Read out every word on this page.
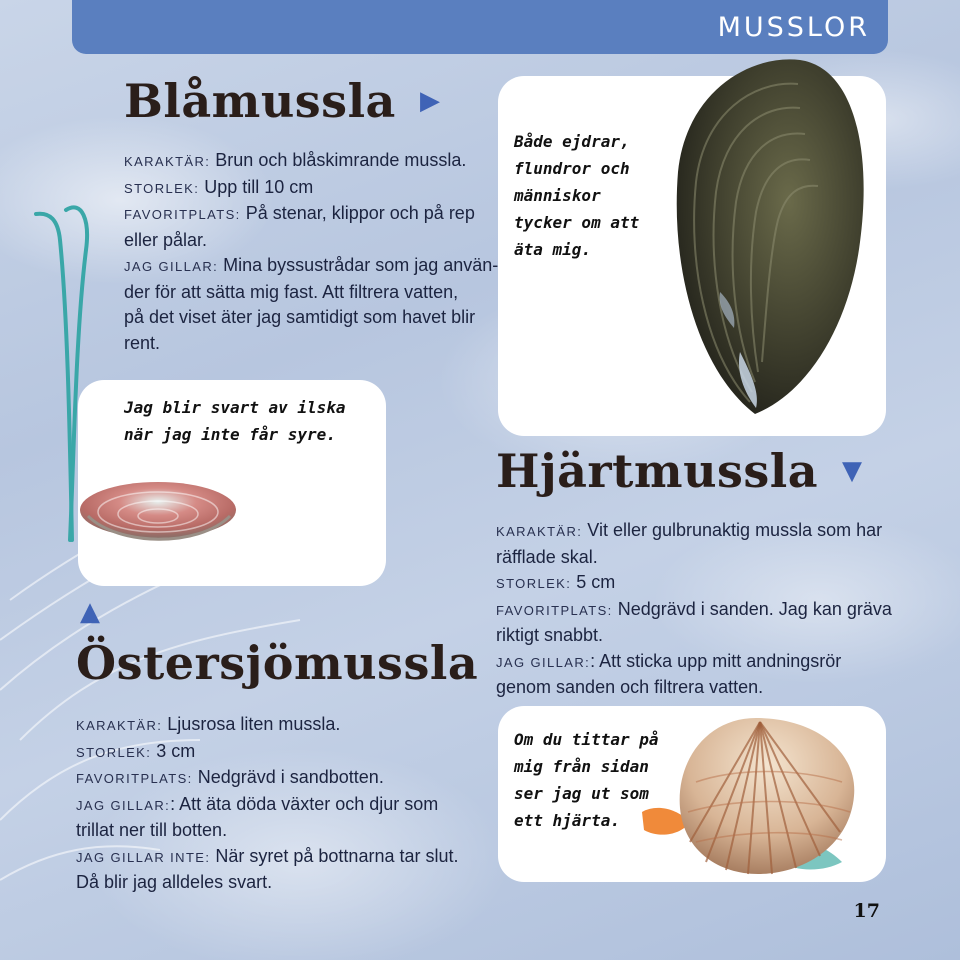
MUSSLOR
Blåmussla ▶
KARAKTÄR: Brun och blåskimrande mussla.
STORLEK: Upp till 10 cm
FAVORITPLATS: På stenar, klippor och på rep
eller pålar.
JAG GILLAR: Mina byssustrådar som jag använ-
der för att sätta mig fast. Att filtrera vatten,
på det viset äter jag samtidigt som havet blir
rent.
Både ejdrar,
flundror och
människor
tycker om att
äta mig.
Jag blir svart av ilska
när jag inte får syre.
▲
Östersjömussla
KARAKTÄR: Ljusrosa liten mussla.
STORLEK: 3 cm
FAVORITPLATS: Nedgrävd i sandbotten.
JAG GILLAR:: Att äta döda växter och djur som
trillat ner till botten.
JAG GILLAR INTE: När syret på bottnarna tar slut.
Då blir jag alldeles svart.
Hjärtmussla ▼
KARAKTÄR: Vit eller gulbrunaktig mussla som har
räfflade skal.
STORLEK: 5 cm
FAVORITPLATS: Nedgrävd i sanden. Jag kan gräva
riktigt snabbt.
JAG GILLAR:: Att sticka upp mitt andningsrör
genom sanden och filtrera vatten.
Om du tittar på
mig från sidan
ser jag ut som
ett hjärta.
17
